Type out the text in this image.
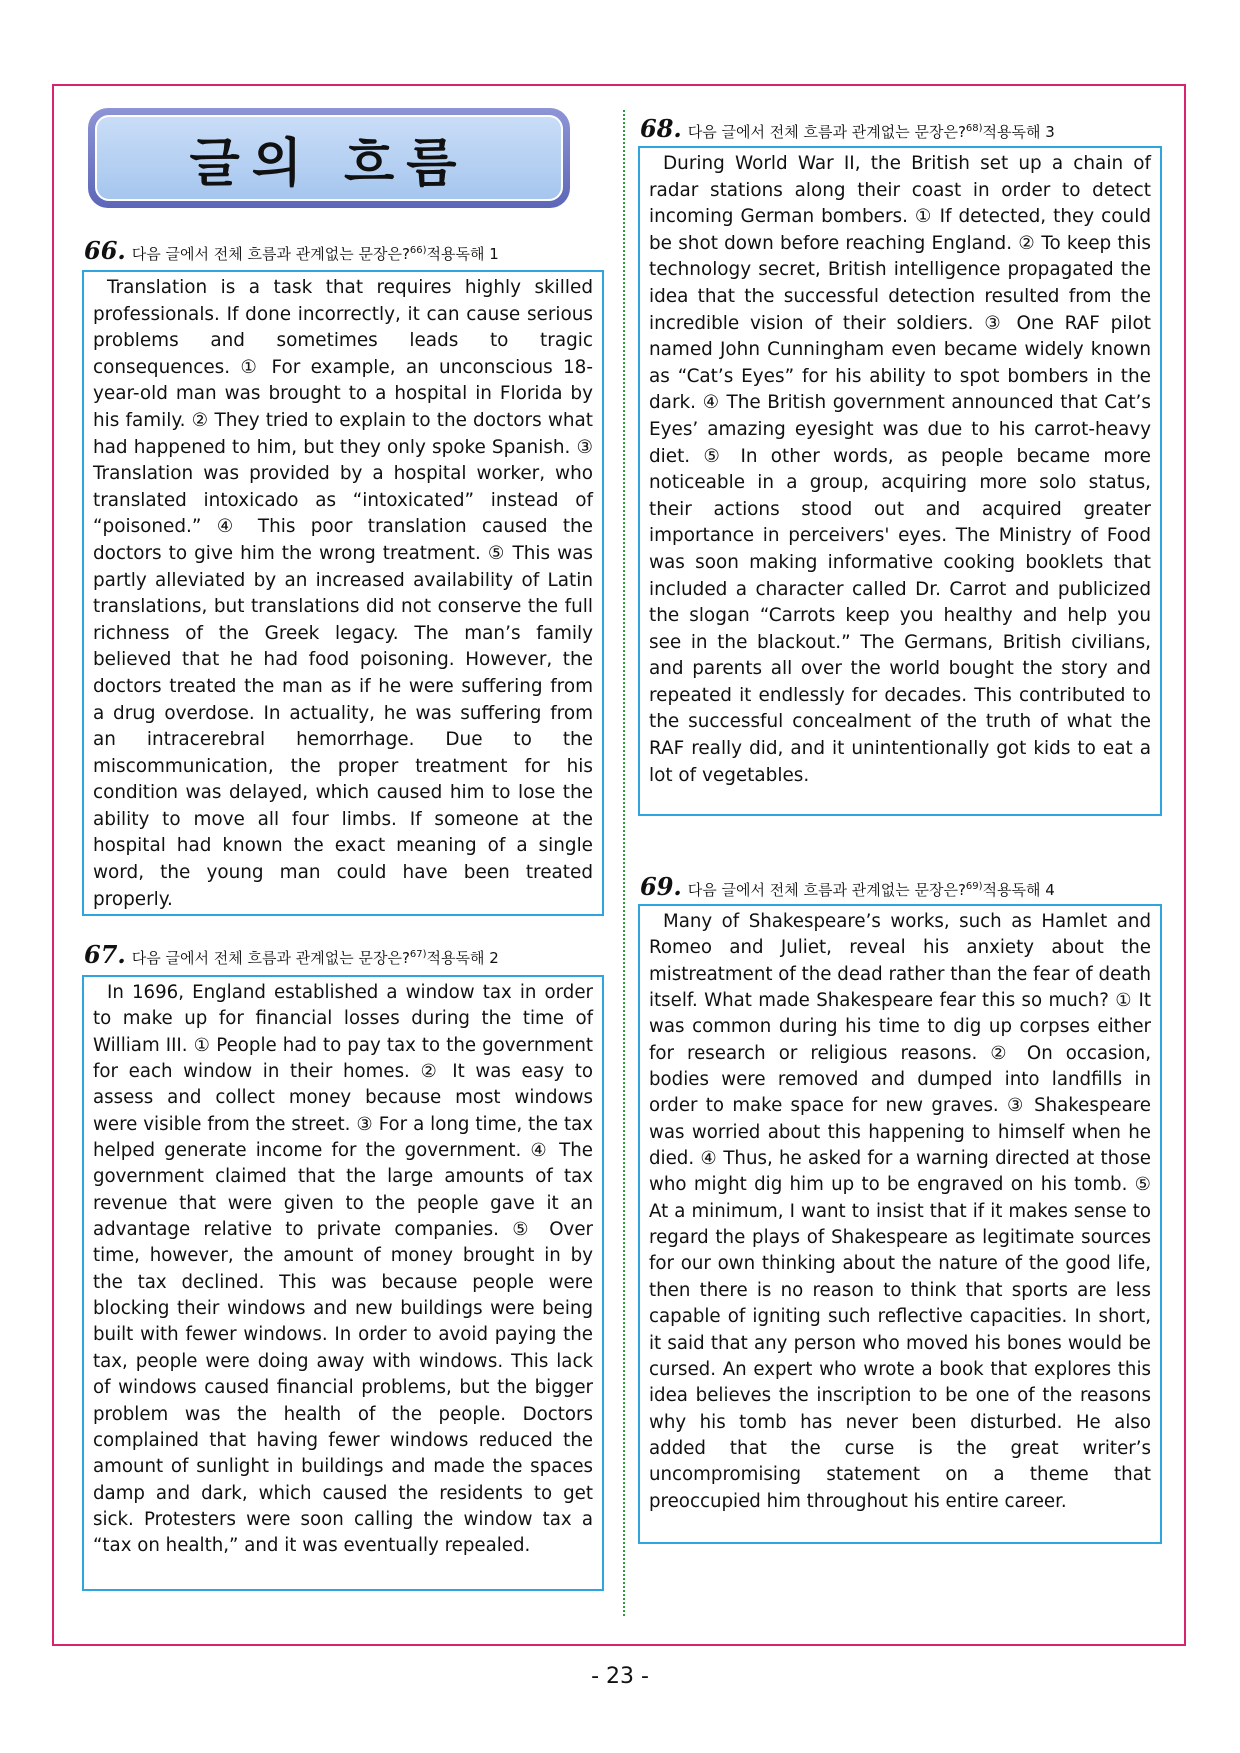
글의 흐름
66. 다음 글에서 전체 흐름과 관계없는 문장은? $^{66)}$적용독해 1

Translation is a task that requires highly skilled professionals. If done incorrectly, it can cause serious problems and sometimes leads to tragic consequences. ① For example, an unconscious 18-year-old man was brought to a hospital in Florida by his family. ② They tried to explain to the doctors what had happened to him, but they only spoke Spanish. ③ Translation was provided by a hospital worker, who translated intoxicado as “intoxicated” instead of “poisoned.” ④ This poor translation caused the doctors to give him the wrong treatment. ⑤ This was partly alleviated by an increased availability of Latin translations, but translations did not conserve the full richness of the Greek legacy. The man’s family believed that he had food poisoning. However, the doctors treated the man as if he were suffering from a drug overdose. In actuality, he was suffering from an intracerebral hemorrhage. Due to the miscommunication, the proper treatment for his condition was delayed, which caused him to lose the ability to move all four limbs. If someone at the hospital had known the exact meaning of a single word, the young man could have been treated properly.

67. 다음 글에서 전체 흐름과 관계없는 문장은? $^{67)}$적용독해 2

In 1696, England established a window tax in order to make up for financial losses during the time of William III. ① People had to pay tax to the government for each window in their homes. ② It was easy to assess and collect money because most windows were visible from the street. ③ For a long time, the tax helped generate income for the government. ④ The government claimed that the large amounts of tax revenue that were given to the people gave it an advantage relative to private companies. ⑤ Over time, however, the amount of money brought in by the tax declined. This was because people were blocking their windows and new buildings were being built with fewer windows. In order to avoid paying the tax, people were doing away with windows. This lack of windows caused financial problems, but the bigger problem was the health of the people. Doctors complained that having fewer windows reduced the amount of sunlight in buildings and made the spaces damp and dark, which caused the residents to get sick. Protesters were soon calling the window tax a “tax on health,” and it was eventually repealed.

68. 다음 글에서 전체 흐름과 관계없는 문장은? $^{68)}$적용독해 3

During World War II, the British set up a chain of radar stations along their coast in order to detect incoming German bombers. ① If detected, they could be shot down before reaching England. ② To keep this technology secret, British intelligence propagated the idea that the successful detection resulted from the incredible vision of their soldiers. ③ One RAF pilot named John Cunningham even became widely known as “Cat’s Eyes” for his ability to spot bombers in the dark. ④ The British government announced that Cat’s Eyes’ amazing eyesight was due to his carrot-heavy diet. ⑤ In other words, as people became more noticeable in a group, acquiring more solo status, their actions stood out and acquired greater importance in perceivers' eyes. The Ministry of Food was soon making informative cooking booklets that included a character called Dr. Carrot and publicized the slogan “Carrots keep you healthy and help you see in the blackout.” The Germans, British civilians, and parents all over the world bought the story and repeated it endlessly for decades. This contributed to the successful concealment of the truth of what the RAF really did, and it unintentionally got kids to eat a lot of vegetables.

69. 다음 글에서 전체 흐름과 관계없는 문장은? $^{69)}$적용독해 4

Many of Shakespeare’s works, such as Hamlet and Romeo and Juliet, reveal his anxiety about the mistreatment of the dead rather than the fear of death itself. What made Shakespeare fear this so much? ① It was common during his time to dig up corpses either for research or religious reasons. ② On occasion, bodies were removed and dumped into landfills in order to make space for new graves. ③ Shakespeare was worried about this happening to himself when he died. ④ Thus, he asked for a warning directed at those who might dig him up to be engraved on his tomb. ⑤ At a minimum, I want to insist that if it makes sense to regard the plays of Shakespeare as legitimate sources for our own thinking about the nature of the good life, then there is no reason to think that sports are less capable of igniting such reflective capacities. In short, it said that any person who moved his bones would be cursed. An expert who wrote a book that explores this idea believes the inscription to be one of the reasons why his tomb has never been disturbed. He also added that the curse is the great writer’s uncompromising statement on a theme that preoccupied him throughout his entire career.

- 23 -
